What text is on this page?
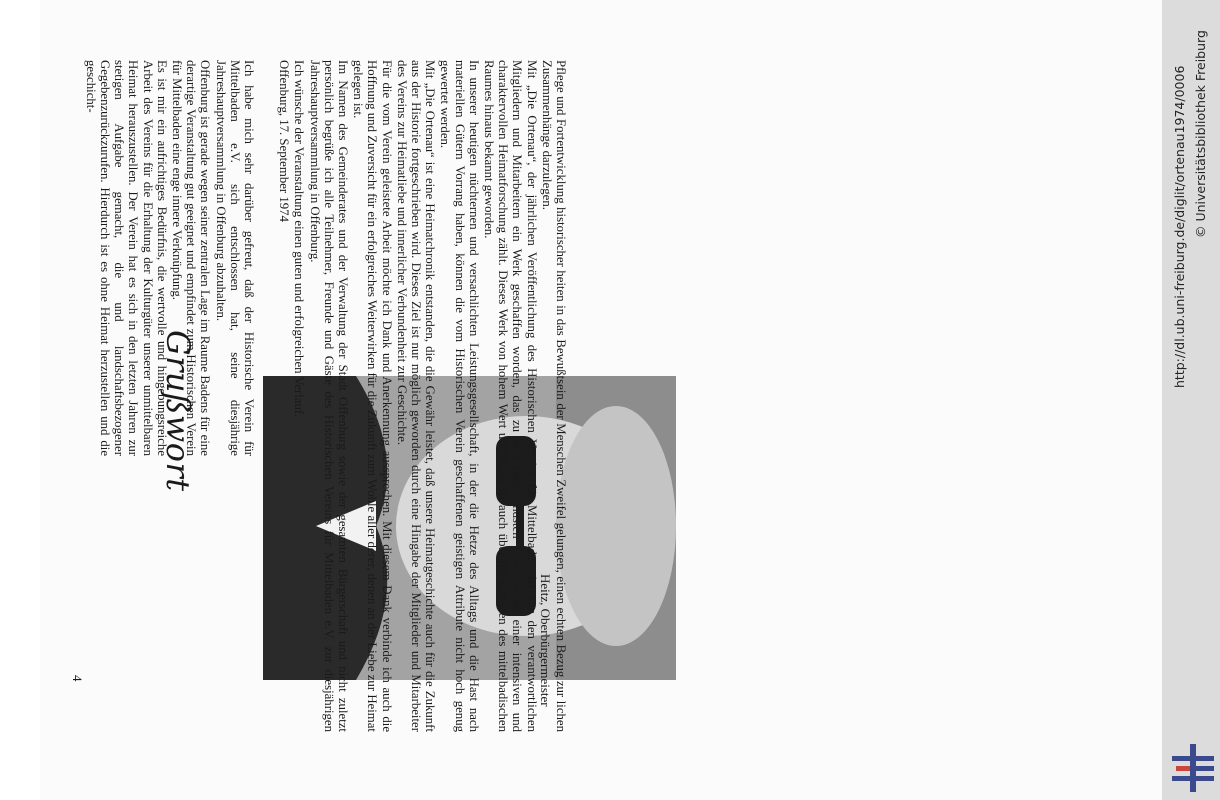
Grußwort	Ich habe mich sehr darüber gefreut, daß der Historische Verein für Mittelbaden e.V. sich entschlossen hat, seine diesjährige Jahreshauptversammlung in Offenburg abzuhalten.

Offenburg ist gerade wegen seiner zentralen Lage im Raume Badens für eine derartige Veranstaltung gut geeignet und empfindet zum Historischen Verein für Mittelbaden eine enge innere Verknüpfung.

Es ist mir ein aufrichtiges Bedürfnis, die wertvolle und hingebungsreiche Arbeit des Vereins für die Erhaltung der Kulturgüter unserer unmittelbaren Heimat herauszustellen. Der Verein hat es sich in den letzten Jahren zur stetigen Aufgabe gemacht, die und landschaftsbezogener Gegebenzurückzurufen. Hierdurch ist es ohne Heimat herzustellen und die geschicht-	Pflege und Fortentwicklung historischer heiten in das Bewußtsein der Menschen Zweifel gelungen, einen echten Bezug zur lichen Zusammenhänge darzulegen.

Mit „Die Ortenau“, der jährlichen Veröffentlichung des Historischen Vereins für Mittelbaden, ist von den verantwortlichen Mitgliedern und Mitarbeitern ein Werk geschaffen worden, das zu den bedeutendsten Dokumenten einer intensiven und charaktervollen Heimatforschung zählt. Dieses Werk von hohem Wert und Rang ist auch über die Grenzen des mittelbadischen Raumes hinaus bekannt geworden.

In unserer heutigen nüchternen und versachlichten Leistungsgesellschaft, in der die Hetze des Alltags und die Hast nach materiellen Gütern Vorrang haben, können die vom Historischen Verein geschaffenen geistigen Attribute nicht hoch genug gewertet werden.

Mit „Die Ortenau“ ist eine Heimatchronik entstanden, die die Gewähr leistet, daß unsere Heimatgeschichte auch für die Zukunft aus der Historie fortgeschrieben wird. Dieses Ziel ist nur möglich geworden durch eine Hingabe der Mitglieder und Mitarbeiter des Vereins zur Heimatliebe und innerlicher Verbundenheit zur Geschichte.

Für die vom Verein geleistete Arbeit möchte ich Dank und Anerkennung aussprechen. Mit diesem Dank verbinde ich auch die Hoffnung und Zuversicht für ein erfolgreiches Weiterwirken für die Zukunft zum Wohle aller derer, denen an der Liebe zur Heimat gelegen ist.

Im Namen des Gemeinderates und der Verwaltung der Stadt Offenburg sowie der gesamten Bürgerschaft und nicht zuletzt persönlich begrüße ich alle Teilnehmer, Freunde und Gäste des Historischen Vereins für Mittelbaden e.V. zur diesjährigen Jahreshauptversammlung in Offenburg.

Ich wünsche der Veranstaltung einen guten und erfolgreichen Verlauf.

Offenburg, 17. September 1974

Heitz, Oberbürgermeister
4
http://dl.ub.uni-freiburg.de/diglit/ortenau1974/0006 © Universitätsbibliothek Freiburg
